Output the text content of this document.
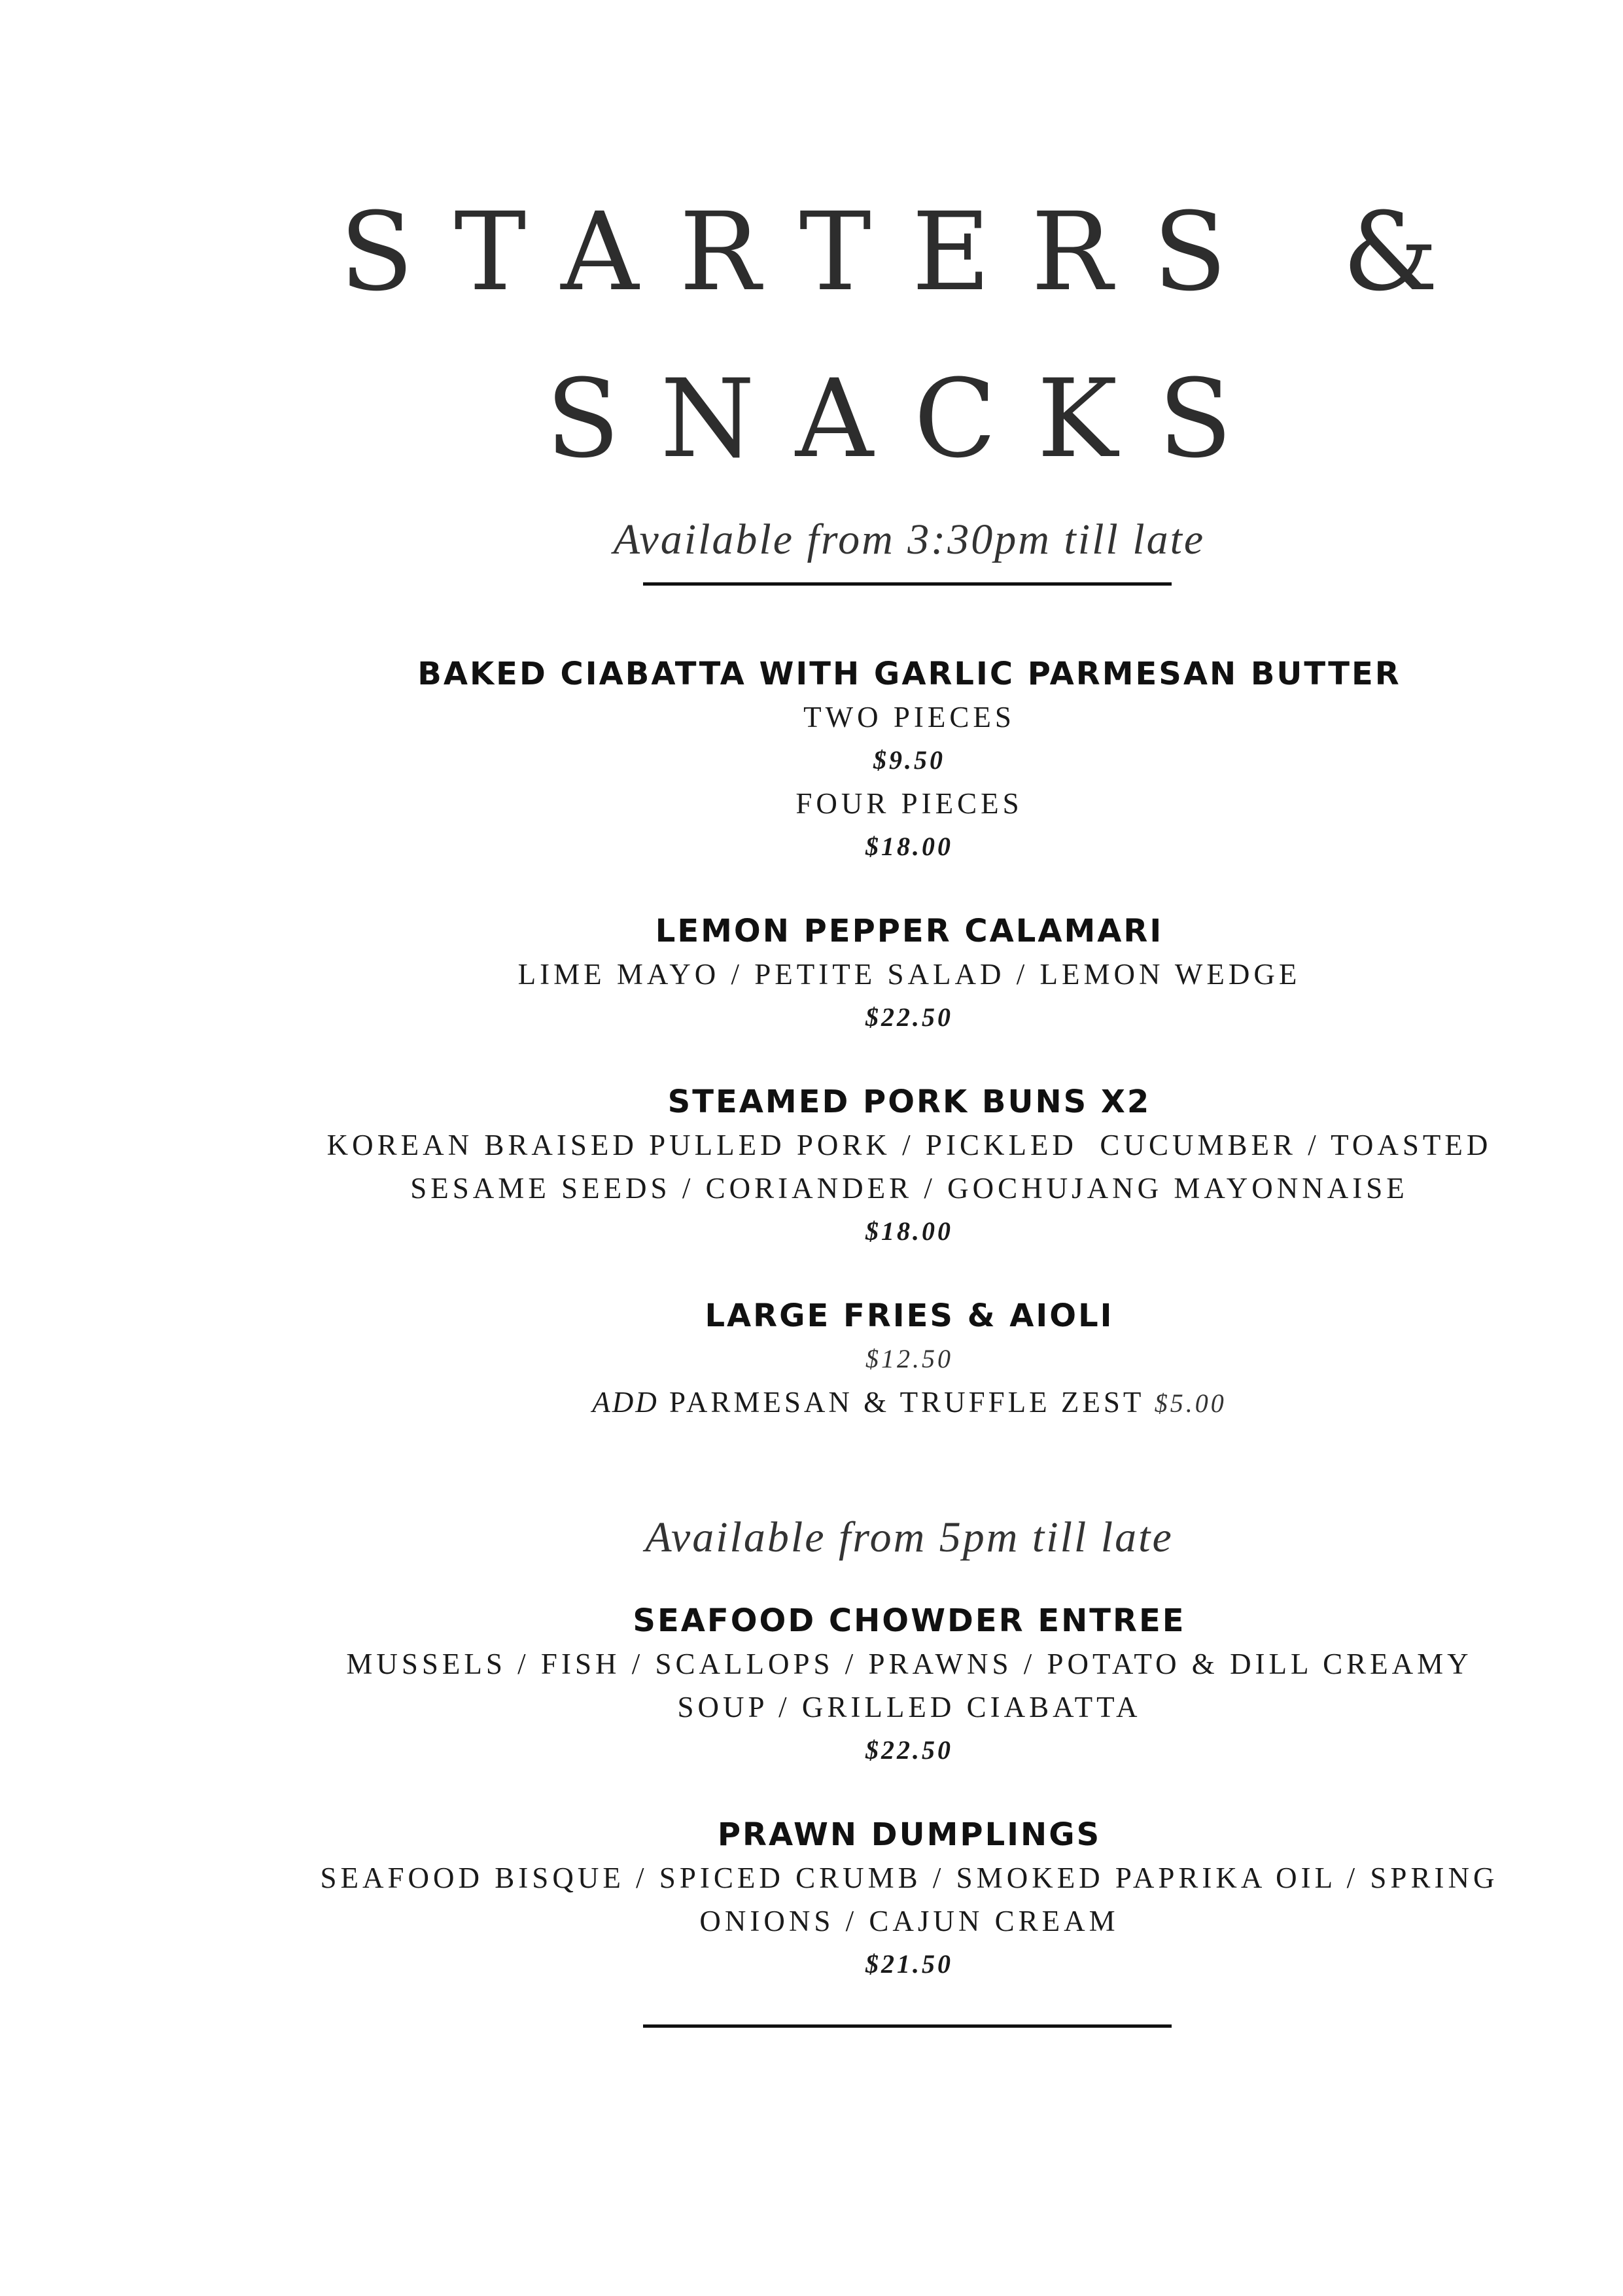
STARTERS &
SNACKS
Available from 3:30pm till late
BAKED CIABATTA WITH GARLIC PARMESAN BUTTER
TWO PIECES
$9.50
FOUR PIECES
$18.00
LEMON PEPPER CALAMARI
LIME MAYO / PETITE SALAD / LEMON WEDGE
$22.50
STEAMED PORK BUNS X2
KOREAN BRAISED PULLED PORK / PICKLED  CUCUMBER / TOASTED
SESAME SEEDS / CORIANDER / GOCHUJANG MAYONNAISE
$18.00
LARGE FRIES & AIOLI
$12.50
ADD PARMESAN & TRUFFLE ZEST $5.00
Available from 5pm till late
SEAFOOD CHOWDER ENTREE
MUSSELS / FISH / SCALLOPS / PRAWNS / POTATO & DILL CREAMY
SOUP / GRILLED CIABATTA
$22.50
PRAWN DUMPLINGS
SEAFOOD BISQUE / SPICED CRUMB / SMOKED PAPRIKA OIL / SPRING
ONIONS / CAJUN CREAM
$21.50
